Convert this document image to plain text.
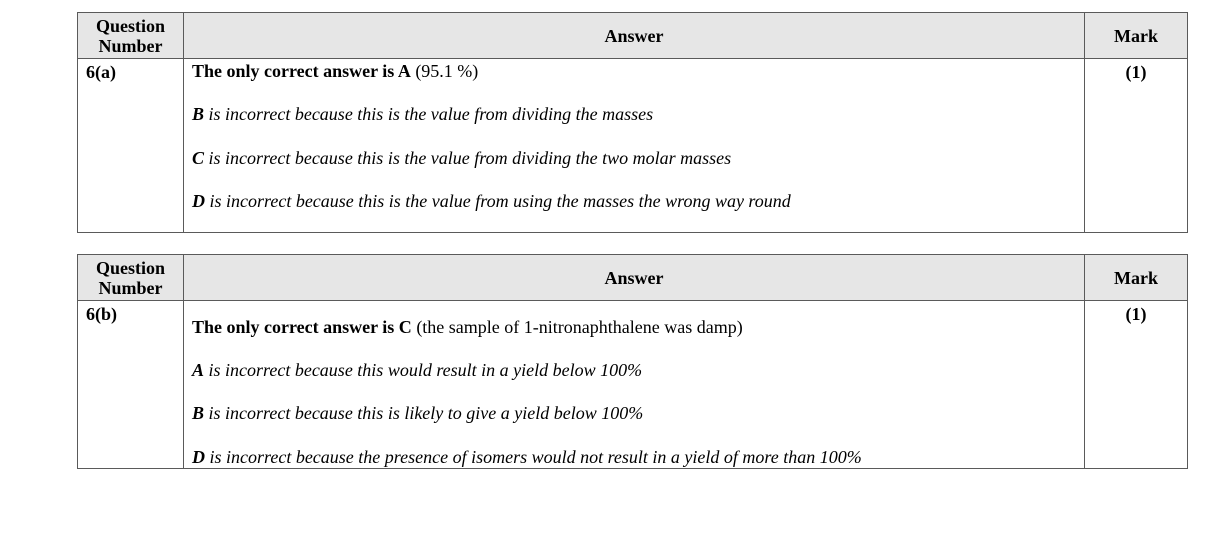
Question
Number	Answer	Mark
6(a)	The only correct answer is A (95.1 %)
B is incorrect because this is the value from dividing the masses
C is incorrect because this is the value from dividing the two molar masses
D is incorrect because this is the value from using the masses the wrong way round	(1)
Question
Number	Answer	Mark
6(b)	The only correct answer is C (the sample of 1-nitronaphthalene was damp)
A is incorrect because this would result in a yield below 100%
B is incorrect because this is likely to give a yield below 100%
D is incorrect because the presence of isomers would not result in a yield of more than 100%	(1)
